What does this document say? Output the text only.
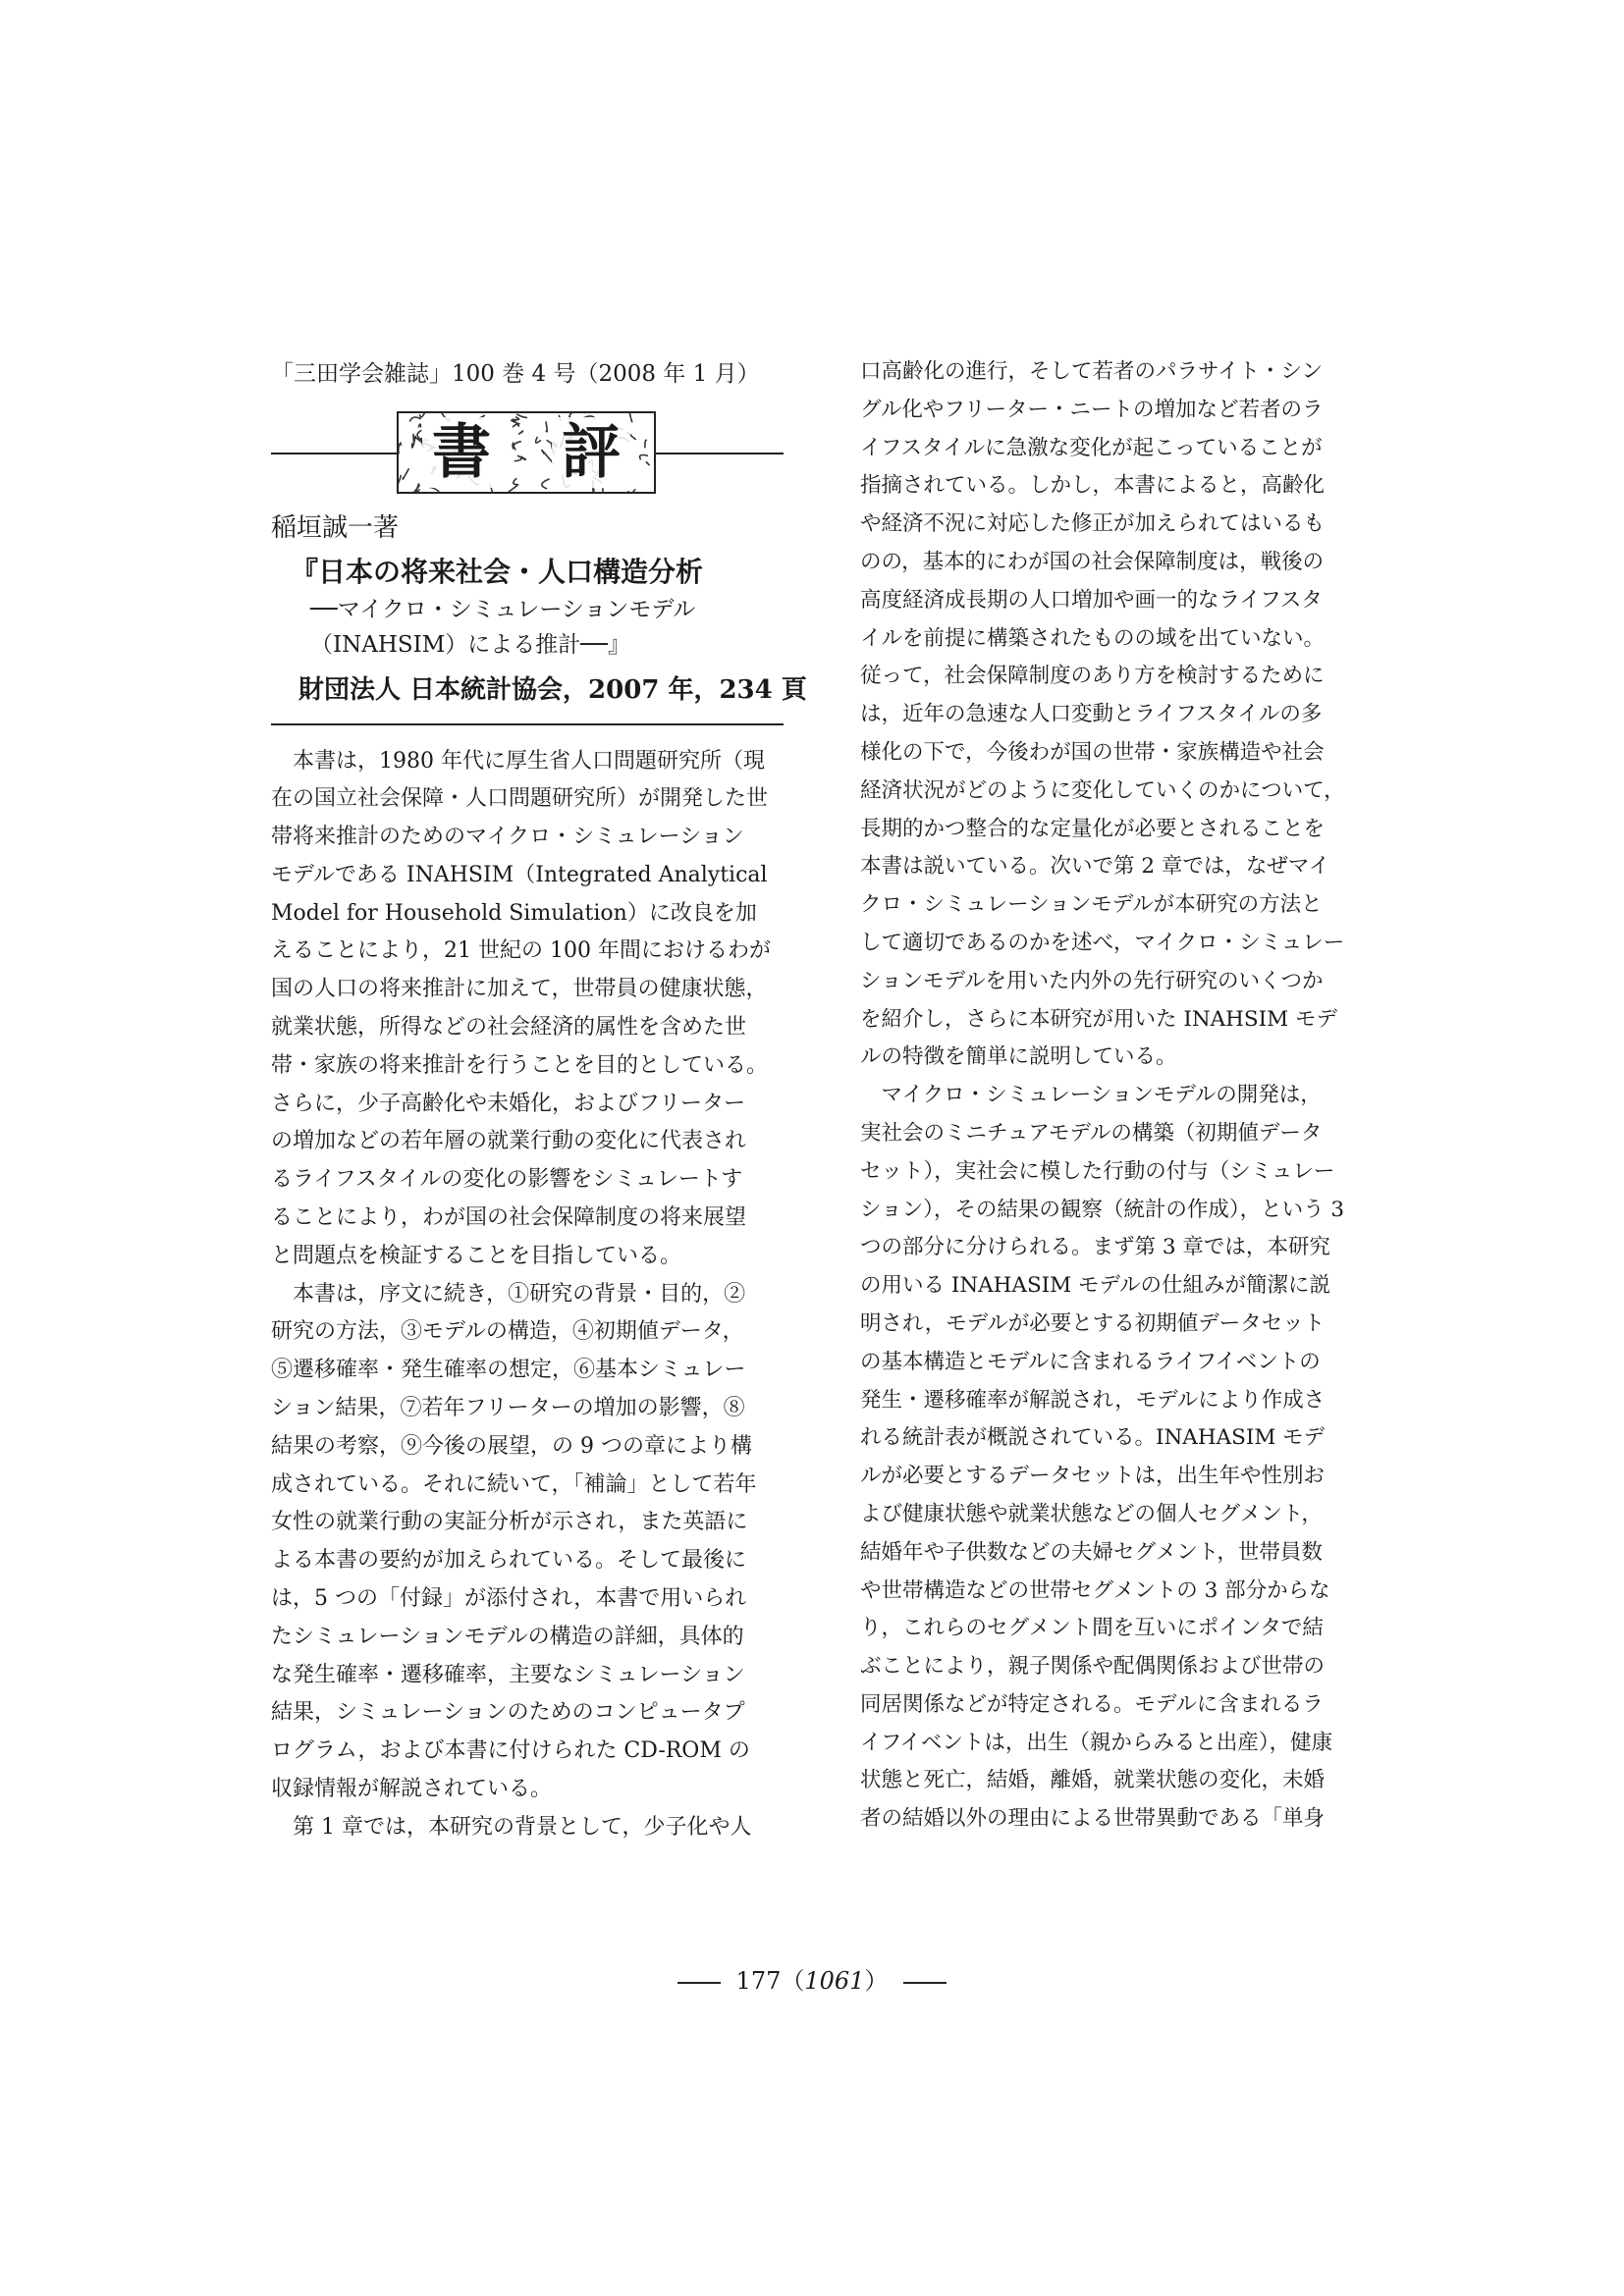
「三田学会雑誌」100 巻 4 号（2008 年 1 月）
書 評
稲垣誠一著
『日本の将来社会・人口構造分析
──マイクロ・シミュレーションモデル
（INAHSIM）による推計──』
財団法人 日本統計協会，2007 年，234 頁
　本書は，1980 年代に厚生省人口問題研究所（現
在の国立社会保障・人口問題研究所）が開発した世
帯将来推計のためのマイクロ・シミュレーション
モデルである INAHSIM（Integrated Analytical
Model for Household Simulation）に改良を加
えることにより，21 世紀の 100 年間におけるわが
国の人口の将来推計に加えて，世帯員の健康状態，
就業状態，所得などの社会経済的属性を含めた世
帯・家族の将来推計を行うことを目的としている。
さらに，少子高齢化や未婚化，およびフリーター
の増加などの若年層の就業行動の変化に代表され
るライフスタイルの変化の影響をシミュレートす
ることにより，わが国の社会保障制度の将来展望
と問題点を検証することを目指している。
　本書は，序文に続き，①研究の背景・目的，②
研究の方法，③モデルの構造，④初期値データ，
⑤遷移確率・発生確率の想定，⑥基本シミュレー
ション結果，⑦若年フリーターの増加の影響，⑧
結果の考察，⑨今後の展望，の 9 つの章により構
成されている。それに続いて，「補論」として若年
女性の就業行動の実証分析が示され，また英語に
よる本書の要約が加えられている。そして最後に
は，5 つの「付録」が添付され，本書で用いられ
たシミュレーションモデルの構造の詳細，具体的
な発生確率・遷移確率，主要なシミュレーション
結果，シミュレーションのためのコンピュータプ
ログラム，および本書に付けられた CD-ROM の
収録情報が解説されている。
　第 1 章では，本研究の背景として，少子化や人
口高齢化の進行，そして若者のパラサイト・シン
グル化やフリーター・ニートの増加など若者のラ
イフスタイルに急激な変化が起こっていることが
指摘されている。しかし，本書によると，高齢化
や経済不況に対応した修正が加えられてはいるも
のの，基本的にわが国の社会保障制度は，戦後の
高度経済成長期の人口増加や画一的なライフスタ
イルを前提に構築されたものの域を出ていない。
従って，社会保障制度のあり方を検討するために
は，近年の急速な人口変動とライフスタイルの多
様化の下で，今後わが国の世帯・家族構造や社会
経済状況がどのように変化していくのかについて，
長期的かつ整合的な定量化が必要とされることを
本書は説いている。次いで第 2 章では，なぜマイ
クロ・シミュレーションモデルが本研究の方法と
して適切であるのかを述べ，マイクロ・シミュレー
ションモデルを用いた内外の先行研究のいくつか
を紹介し，さらに本研究が用いた INAHSIM モデ
ルの特徴を簡単に説明している。
　マイクロ・シミュレーションモデルの開発は，
実社会のミニチュアモデルの構築（初期値データ
セット），実社会に模した行動の付与（シミュレー
ション），その結果の観察（統計の作成），という 3
つの部分に分けられる。まず第 3 章では，本研究
の用いる INAHASIM モデルの仕組みが簡潔に説
明され，モデルが必要とする初期値データセット
の基本構造とモデルに含まれるライフイベントの
発生・遷移確率が解説され，モデルにより作成さ
れる統計表が概説されている。INAHASIM モデ
ルが必要とするデータセットは，出生年や性別お
よび健康状態や就業状態などの個人セグメント，
結婚年や子供数などの夫婦セグメント，世帯員数
や世帯構造などの世帯セグメントの 3 部分からな
り，これらのセグメント間を互いにポインタで結
ぶことにより，親子関係や配偶関係および世帯の
同居関係などが特定される。モデルに含まれるラ
イフイベントは，出生（親からみると出産），健康
状態と死亡，結婚，離婚，就業状態の変化，未婚
者の結婚以外の理由による世帯異動である「単身
177（1061）
